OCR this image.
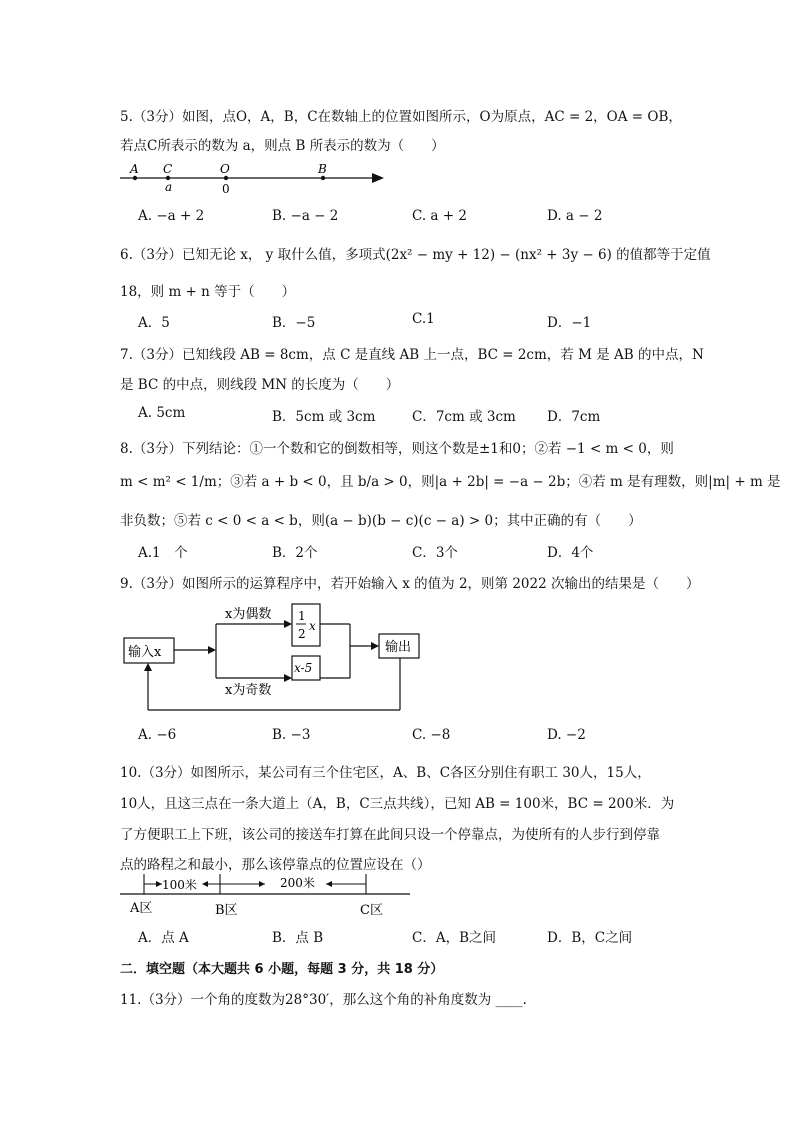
5.（3分）如图，点O，A，B，C在数轴上的位置如图所示，O为原点，AC = 2，OA = OB，
若点C所表示的数为 a，则点 B 所表示的数为（　　）
A C	O	B
a	0
A. −a + 2	B. −a − 2	C. a + 2	D. a − 2
6.（3分）已知无论 x， y 取什么值，多项式(2x² − my + 12) − (nx² + 3y − 6) 的值都等于定值
18，则 m + n 等于（　　）
A．5	B．−5	C.1	D．−1
7.（3分）已知线段 AB = 8cm，点 C 是直线 AB 上一点，BC = 2cm，若 M 是 AB 的中点，N
是 BC 的中点，则线段 MN 的长度为（　　）
A. 5cm	B．5cm 或 3cm	C．7cm 或 3cm D．7cm
8.（3分）下列结论：①一个数和它的倒数相等，则这个数是±1和0；②若 −1 < m < 0，则
m < m² < 1/m；③若 a + b < 0，且 b/a > 0，则|a + 2b| = −a − 2b；④若 m 是有理数，则|m| + m 是
非负数；⑤若 c < 0 < a < b，则(a − b)(b − c)(c − a) > 0；其中正确的有（　　）
A.1　个	B．2个	C．3个	D．4个
9.（3分）如图所示的运算程序中，若开始输入 x 的值为 2，则第 2022 次输出的结果是（　　）
输入x
x为偶数 1
2
x
x为奇数
x-5
输出
A. −6	B. −3	C. −8	D. −2
10.（3分）如图所示，某公司有三个住宅区，A、B、C各区分别住有职工 30人，15人，
10人，且这三点在一条大道上（A，B，C三点共线），已知 AB = 100米，BC = 200米．为
了方便职工上下班，该公司的接送车打算在此间只设一个停靠点，为使所有的人步行到停靠
点的路程之和最小，那么该停靠点的位置应设在（）
100米	200米
A区	B区	C区
A．点 A	B．点 B	C．A，B之间	D．B，C之间
二．填空题（本大题共 6 小题，每题 3 分，共 18 分）
11.（3分）一个角的度数为28°30′，那么这个角的补角度数为 ____.
